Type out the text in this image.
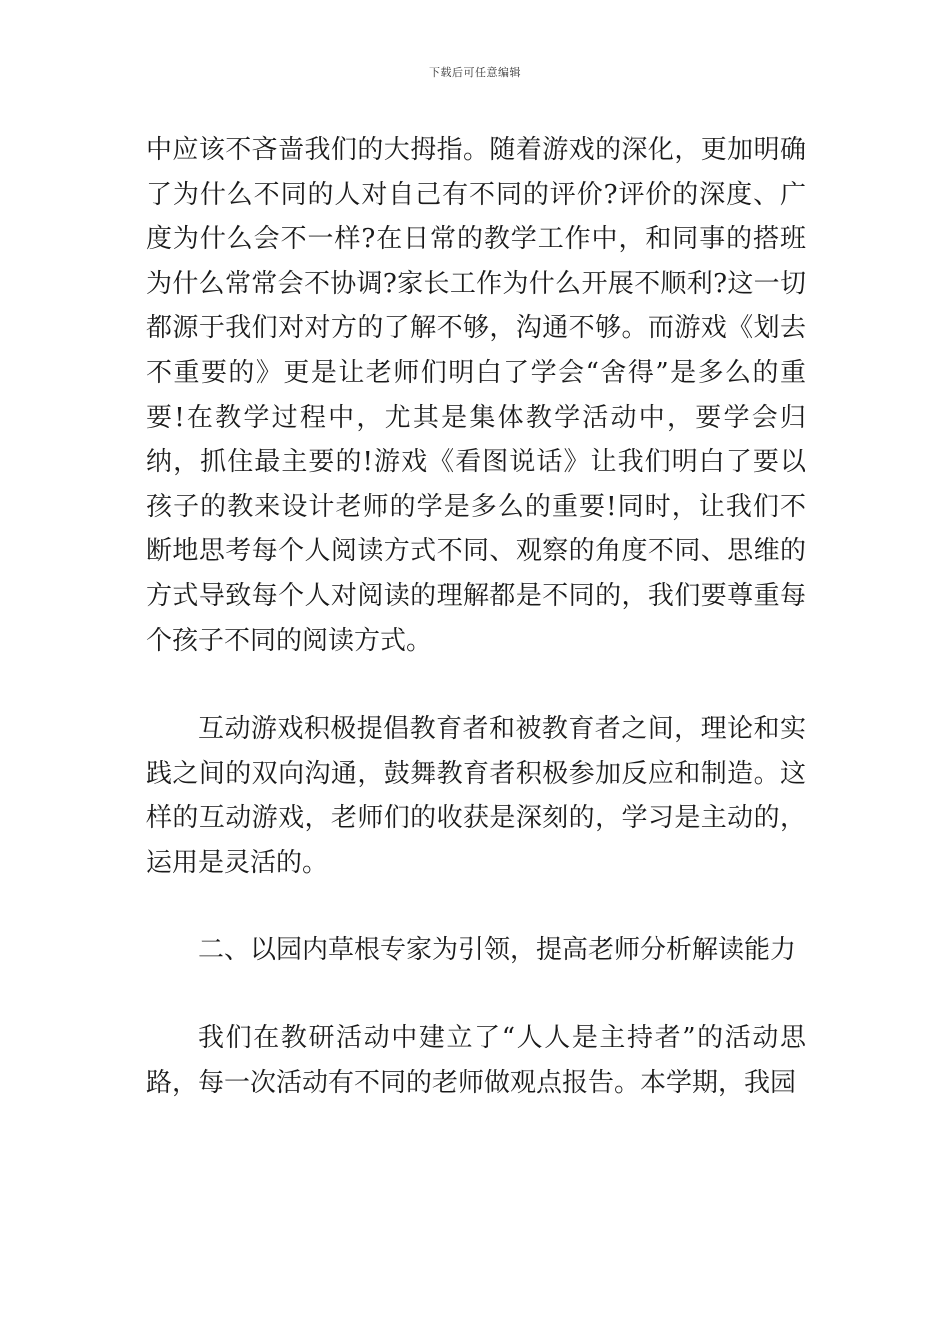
下载后可任意编辑

中应该不吝啬我们的大拇指。随着游戏的深化，更加明确了为什么不同的人对自己有不同的评价?评价的深度、广度为什么会不一样?在日常的教学工作中，和同事的搭班为什么常常会不协调?家长工作为什么开展不顺利?这一切都源于我们对对方的了解不够，沟通不够。而游戏《划去不重要的》更是让老师们明白了学会“舍得”是多么的重要!在教学过程中，尤其是集体教学活动中，要学会归纳，抓住最主要的!游戏《看图说话》让我们明白了要以孩子的教来设计老师的学是多么的重要!同时，让我们不断地思考每个人阅读方式不同、观察的角度不同、思维的方式导致每个人对阅读的理解都是不同的，我们要尊重每个孩子不同的阅读方式。

互动游戏积极提倡教育者和被教育者之间，理论和实践之间的双向沟通，鼓舞教育者积极参加反应和制造。这样的互动游戏，老师们的收获是深刻的，学习是主动的，运用是灵活的。

二、以园内草根专家为引领，提高老师分析解读能力

我们在教研活动中建立了“人人是主持者”的活动思路，每一次活动有不同的老师做观点报告。本学期，我园
